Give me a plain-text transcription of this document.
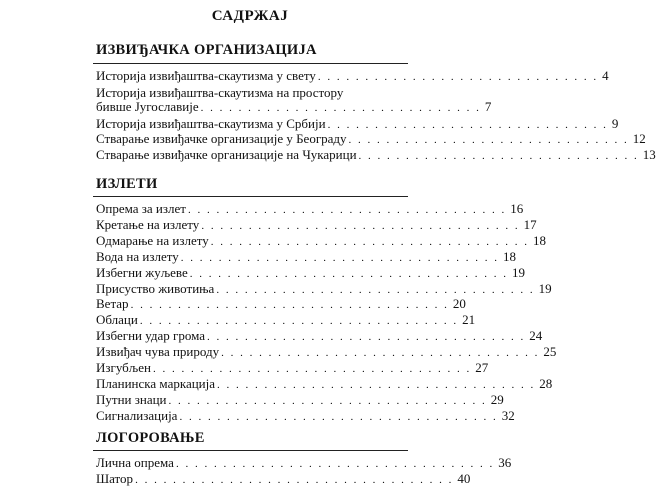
САДРЖАЈ
ИЗВИЂАЧКА ОРГАНИЗАЦИЈА
Историја извиђаштва-скаутизма у свету . . . . . . . . . . . . . . . . . . . . . . . . . . . . . . 4
Историја извиђаштва-скаутизма на простору
бивше Југославије . . . . . . . . . . . . . . . . . . . . . . . . . . . . . . 7
Историја извиђаштва-скаутизма у Србији . . . . . . . . . . . . . . . . . . . . . . . . . . . . . . 9
Стварање извиђачке организације у Београду . . . . . . . . . . . . . . . . . . . . . . . . . . . . . . 12
Стварање извиђачке организације на Чукарици . . . . . . . . . . . . . . . . . . . . . . . . . . . . . . 13
ИЗЛЕТИ
Опрема за излет . . . . . . . . . . . . . . . . . . . . . . . . . . . . . . . . . . 16
Кретање на излету . . . . . . . . . . . . . . . . . . . . . . . . . . . . . . . . . . 17
Одмарање на излету . . . . . . . . . . . . . . . . . . . . . . . . . . . . . . . . . . 18
Вода на излету . . . . . . . . . . . . . . . . . . . . . . . . . . . . . . . . . . 18
Избегни жуљеве . . . . . . . . . . . . . . . . . . . . . . . . . . . . . . . . . . 19
Присуство животиња . . . . . . . . . . . . . . . . . . . . . . . . . . . . . . . . . . 19
Ветар . . . . . . . . . . . . . . . . . . . . . . . . . . . . . . . . . . 20
Облаци . . . . . . . . . . . . . . . . . . . . . . . . . . . . . . . . . . 21
Избегни удар грома . . . . . . . . . . . . . . . . . . . . . . . . . . . . . . . . . . 24
Извиђач чува природу . . . . . . . . . . . . . . . . . . . . . . . . . . . . . . . . . . 25
Изгубљен . . . . . . . . . . . . . . . . . . . . . . . . . . . . . . . . . . 27
Планинска маркација . . . . . . . . . . . . . . . . . . . . . . . . . . . . . . . . . . 28
Путни знаци . . . . . . . . . . . . . . . . . . . . . . . . . . . . . . . . . . 29
Сигнализација . . . . . . . . . . . . . . . . . . . . . . . . . . . . . . . . . . 32
ЛОГОРОВАЊЕ
Лична опрема . . . . . . . . . . . . . . . . . . . . . . . . . . . . . . . . . . 36
Шатор . . . . . . . . . . . . . . . . . . . . . . . . . . . . . . . . . . 40
